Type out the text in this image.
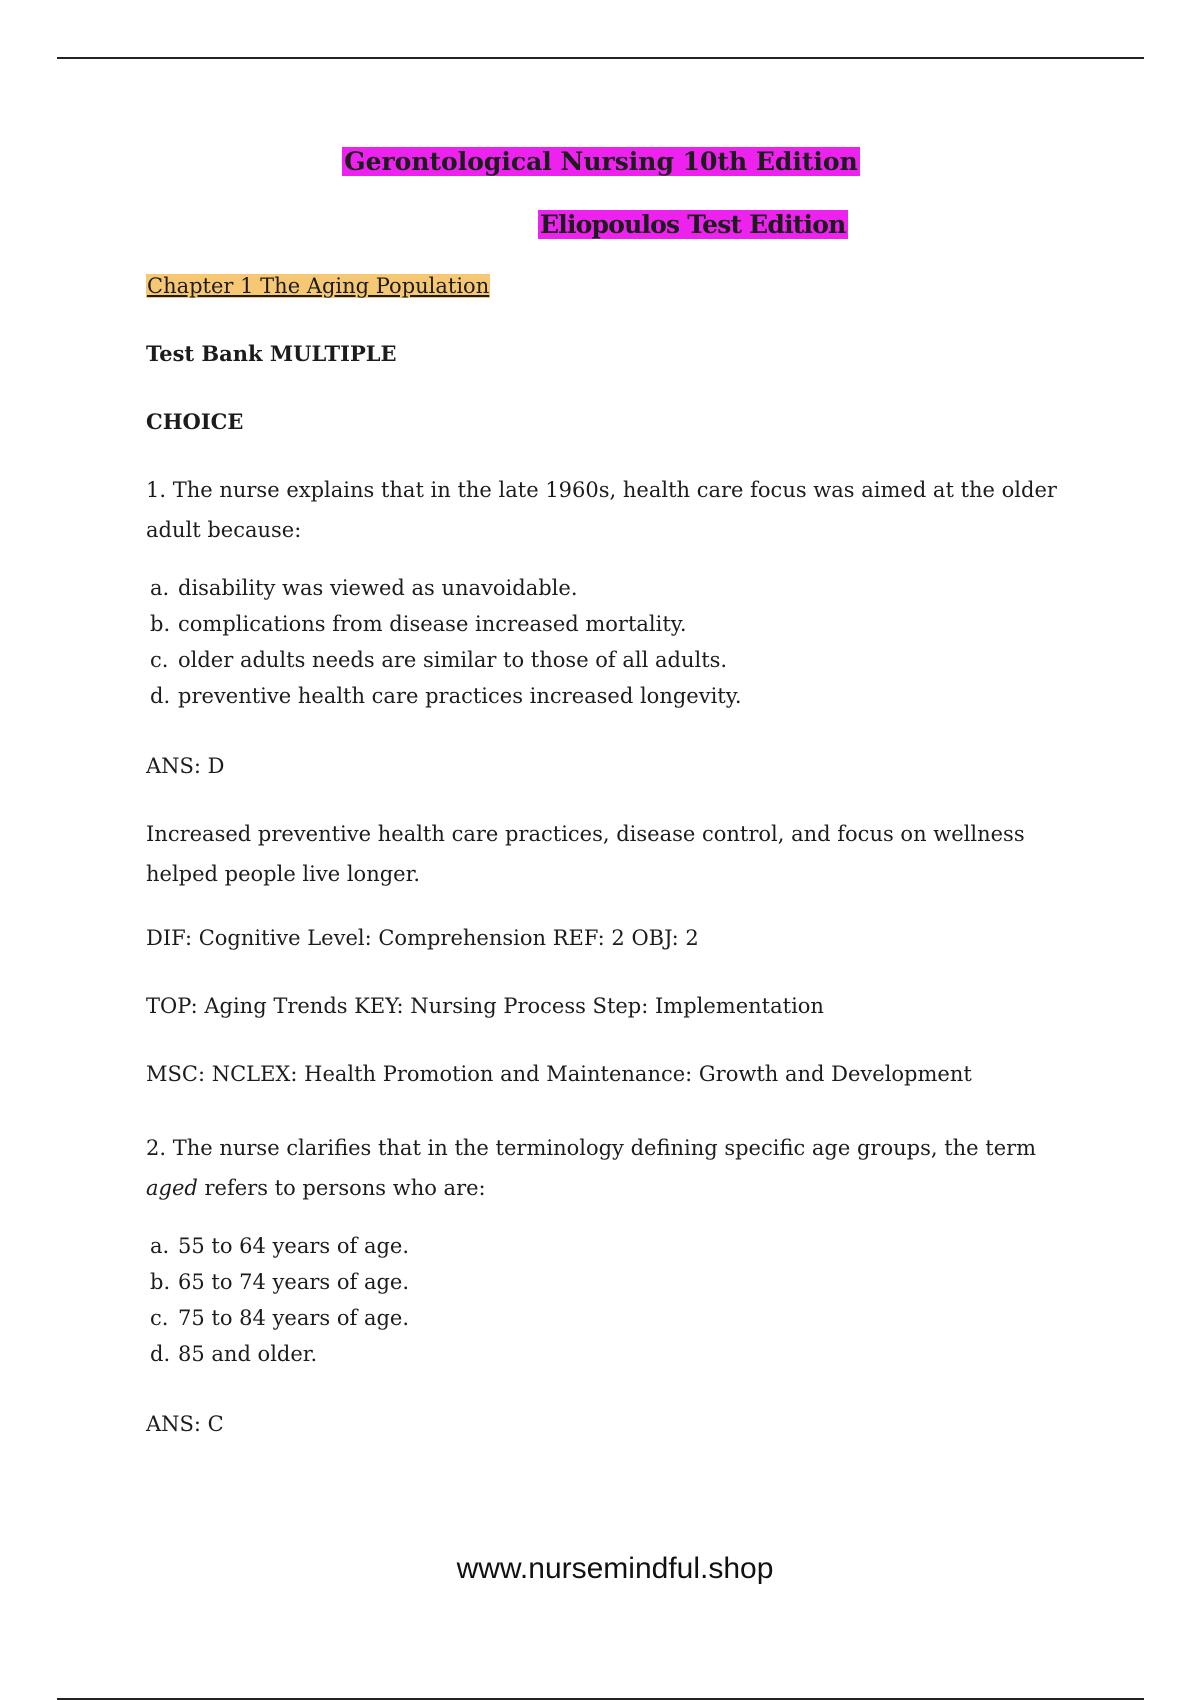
Gerontological Nursing 10th Edition

Eliopoulos Test Edition

Chapter 1 The Aging Population

Test Bank MULTIPLE

CHOICE

1. The nurse explains that in the late 1960s, health care focus was aimed at the older adult because:

a. disability was viewed as unavoidable.
b. complications from disease increased mortality.
c. older adults needs are similar to those of all adults.
d. preventive health care practices increased longevity.

ANS: D

Increased preventive health care practices, disease control, and focus on wellness helped people live longer.

DIF: Cognitive Level: Comprehension REF: 2 OBJ: 2

TOP: Aging Trends KEY: Nursing Process Step: Implementation

MSC: NCLEX: Health Promotion and Maintenance: Growth and Development

2. The nurse clarifies that in the terminology defining specific age groups, the term aged refers to persons who are:

a. 55 to 64 years of age.
b. 65 to 74 years of age.
c. 75 to 84 years of age.
d. 85 and older.

ANS: C

www.nursemindful.shop
